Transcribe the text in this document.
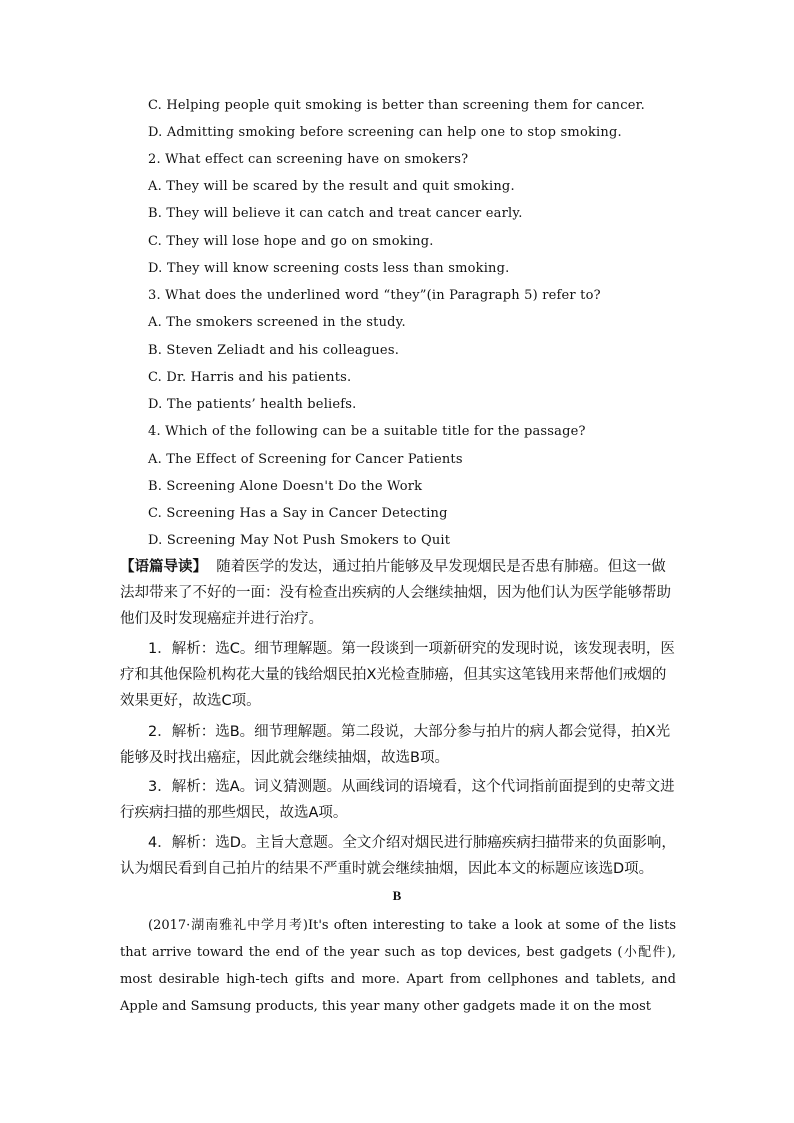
C. Helping people quit smoking is better than screening them for cancer.
D. Admitting smoking before screening can help one to stop smoking.
2. What effect can screening have on smokers?
A. They will be scared by the result and quit smoking.
B. They will believe it can catch and treat cancer early.
C. They will lose hope and go on smoking.
D. They will know screening costs less than smoking.
3. What does the underlined word “they”(in Paragraph 5) refer to?
A. The smokers screened in the study.
B. Steven Zeliadt and his colleagues.
C. Dr. Harris and his patients.
D. The patients’ health beliefs.
4. Which of the following can be a suitable title for the passage?
A. The Effect of Screening for Cancer Patients
B. Screening Alone Doesn't Do the Work
C. Screening Has a Say in Cancer Detecting
D. Screening May Not Push Smokers to Quit
【语篇导读】 随着医学的发达，通过拍片能够及早发现烟民是否患有肺癌。但这一做法却带来了不好的一面：没有检查出疾病的人会继续抽烟，因为他们认为医学能够帮助他们及时发现癌症并进行治疗。
1．解析：选C。细节理解题。第一段谈到一项新研究的发现时说，该发现表明，医疗和其他保险机构花大量的钱给烟民拍X光检查肺癌，但其实这笔钱用来帮他们戒烟的效果更好，故选C项。
2．解析：选B。细节理解题。第二段说，大部分参与拍片的病人都会觉得，拍X光能够及时找出癌症，因此就会继续抽烟，故选B项。
3．解析：选A。词义猜测题。从画线词的语境看，这个代词指前面提到的史蒂文进行疾病扫描的那些烟民，故选A项。
4．解析：选D。主旨大意题。全文介绍对烟民进行肺癌疾病扫描带来的负面影响，认为烟民看到自己拍片的结果不严重时就会继续抽烟，因此本文的标题应该选D项。
B
(2017·湖南雅礼中学月考)It's often interesting to take a look at some of the lists that arrive toward the end of the year such as top devices, best gadgets (小配件), most desirable high-tech gifts and more. Apart from cellphones and tablets, and Apple and Samsung products, this year many other gadgets made it on the most
